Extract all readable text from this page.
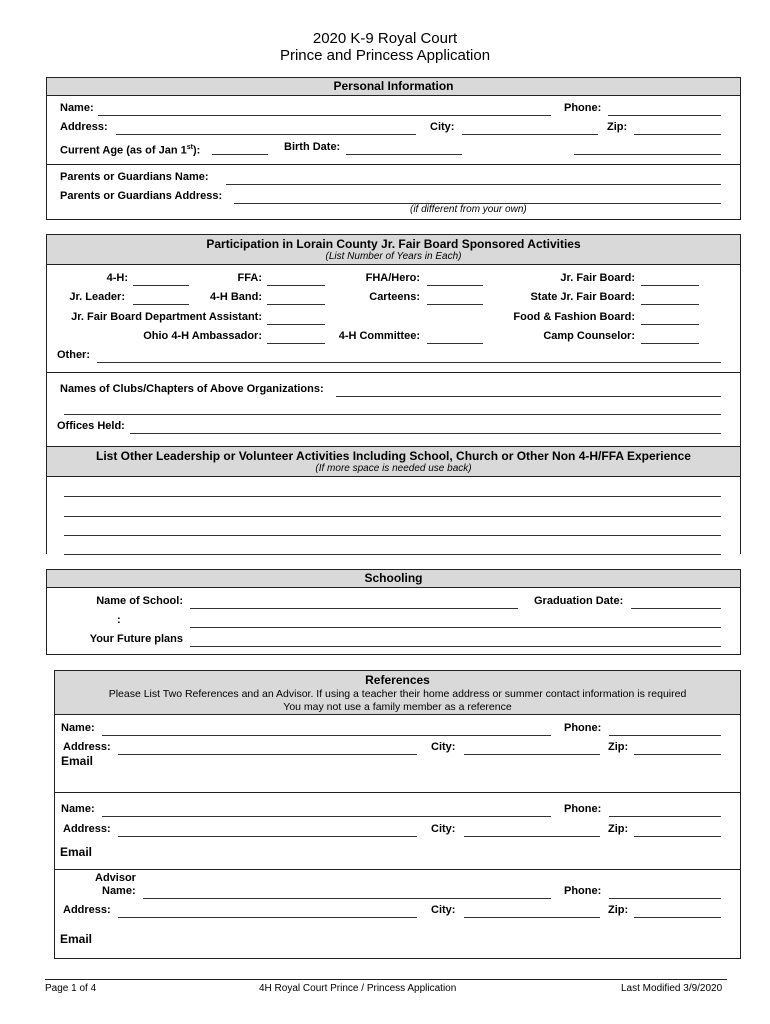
2020 K-9 Royal Court
Prince and Princess Application
Personal Information
Name:	Phone:
Address:	City:	Zip:
Current Age (as of Jan 1st):	Birth Date:
Parents or Guardians Name:
Parents or Guardians Address:
(if different from your own)
Participation in Lorain County Jr. Fair Board Sponsored Activities
(List Number of Years in Each)
4-H:	FFA:	FHA/Hero:	Jr. Fair Board:
Jr. Leader:	4-H Band:	Carteens:	State Jr. Fair Board:
Jr. Fair Board Department Assistant:	Food & Fashion Board:
Ohio 4-H Ambassador:	4-H Committee:	Camp Counselor:
Other:
Names of Clubs/Chapters of Above Organizations:
Offices Held:
List Other Leadership or Volunteer Activities Including School, Church or Other Non 4-H/FFA Experience
(If more space is needed use back)
Schooling
Name of School:	Graduation Date:
:
Your Future plans
References
Please List Two References and an Advisor. If using a teacher their home address or summer contact information is required
You may not use a family member as a reference
Name:	Phone:
Address:	City:	Zip:
Email
Name:	Phone:
Address:	City:	Zip:
Email
Advisor
Name:	Phone:
Address:	City:	Zip:
Email
Page 1 of 4	4H Royal Court Prince / Princess Application	Last Modified 3/9/2020
